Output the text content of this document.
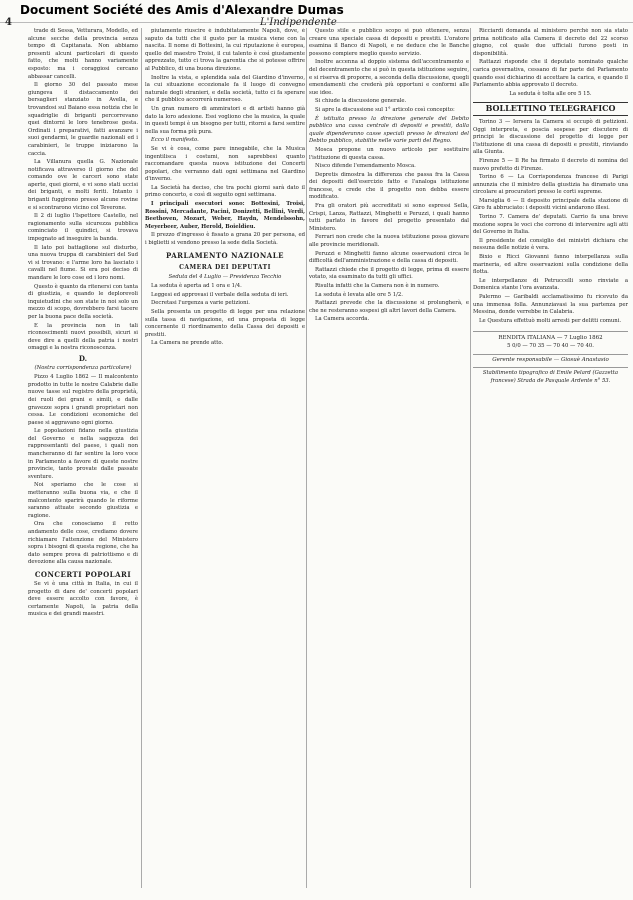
Document Société des Amis d'Alexandre Dumas
4	L'Indipendente

trade di Sessa, Vetturara, Modello, ed alcune secche della provincia senza tempo di Capitanata. Non abbiamo presenti alcuni particolari di questo fatto, che molti hanno variamente esposto: ma i coraggiosi cercano abbassar cancelli.

Il giorno 30 del passato mese giungeva il distaccamento dei bersaglieri stanziato in Avella, e trovandosi sul Baiano essa notizia che le squadriglie di briganti percorrevano quei dintorni le loro tenebrose gesta. Ordinati i preparativi, fatti avanzare i suoi gendarmi, le guardie nazionali ed i carabinieri, le truppe iniziarono la caccia.

La Villanura quella G. Nazionale notificava attraverso il giorno che del comando ove le carceri sono state aperte, quei giorni, e vi sono stati uccisi dei briganti, e molti feriti. Intanto i briganti fuggirono presso alcune rovine e si scontrarono vicino col Teverone.

Il 2 di luglio l'Ispettore Castello, nel ragionamento sulla sicurezza pubblica cominciato il quindici, si trovava impegnato ad inseguire la banda.

Il lato poi battaglione sul disturbo, una nuova truppa di carabinieri del Sud vi si trovano: e l'arme loro ha lasciato i cavalli nel fiume. Si era poi deciso di mandare le loro cose ed i loro nomi.

Questo è quanto da ritenersi con tanta di giustizia, e quando le deplorevoli inquietudini che son state in noi solo un mezzo di scopo, dovrebbero farsi tacere per la buona pace della società.

E la provincia non in tali riconoscimenti nuovi possibili, sicuri si deve dire a quelli della patria i nostri omaggi e la nostra riconoscenza.

D.
(Nostra corrispondenza particolare)

Pizzo 4 Luglio 1862 — Il malcontento prodotto in tutte le nostre Calabrie dalle nuove tasse sul registro della proprietà, dei ruoli dei grani e simili, e dalle gravezze sopra i grandi proprietari non cessa. Le condizioni economiche del paese si aggravano ogni giorno.

Le popolazioni fidano nella giustizia del Governo e nella saggezza dei rappresentanti del paese, i quali non mancheranno di far sentire la loro voce in Parlamento a favore di queste nostre provincie, tanto provate dalle passate sventure.

Noi speriamo che le cose si metteranno sulla buona via, e che il malcontento sparirà quando le riforme saranno attuate secondo giustizia e ragione.

Ora che conosciamo il retto andamento delle cose, crediamo dovere richiamare l'attenzione del Ministero sopra i bisogni di questa regione, che ha dato sempre prova di patriottismo e di devozione alla causa nazionale.

CONCERTI POPOLARI

Se vi è una città in Italia, in cui il progetto di dare de' concerti popolari deve essere accolto con favore, è certamente Napoli, la patria della musica e dei grandi maestri.

piutamente riuscire è indubitatamente Napoli, dove, è saputo da tutti che il gusto per la musica viene con la nascita. Il nome di Bottesini, la cui riputazione è europea, quello del maestro Troisi, il cui talento è così giustamente apprezzato, tutto ci trova la garentia che si potesse offrire al Pubblico, di una buona direzione.

Inoltre la vista, e splendida sala del Giardino d'inverno, la cui situazione eccezionale fa il luogo di convegno naturale degli stranieri, e della società, tutto ci fa sperare che il pubblico accorrerà numeroso.

Un gran numero di ammiratori e di artisti hanno già dato la loro adesione. Essi vogliono che la musica, la quale in questi tempi è un bisogno per tutti, ritorni a farsi sentire nella sua forma più pura.

Ecco il manifesto.

Se vi è cosa, come pare innegabile, che la Musica ingentilisca i costumi, non saprebbesi quanto raccomandare questa nuova istituzione dei Concerti popolari, che verranno dati ogni settimana nel Giardino d'inverno.

La Società ha deciso, che tra pochi giorni sarà dato il primo concerto, e così di seguito ogni settimana.

I principali esecutori sono: Bottesini, Troisi, Rossini, Mercadante, Pacini, Donizetti, Bellini, Verdi, Beethoven, Mozart, Weber, Haydn, Mendelssohn, Meyerbeer, Auber, Herold, Boieldieu.

Il prezzo d'ingresso è fissato a grana 20 per persona, ed i biglietti si vendono presso la sede della Società.

PARLAMENTO NAZIONALE
CAMERA DEI DEPUTATI
Seduta del 4 Luglio — Presidenza Tecchio

La seduta è aperta ad 1 ora e 1/4.

Leggesi ed approvasi il verbale della seduta di ieri.

Decretasi l'urgenza a varie petizioni.

Sella presenta un progetto di legge per una relazione sulla tassa di navigazione, ed una proposta di legge concernente il riordinamento della Cassa dei depositi e prestiti.

La Camera ne prende atto.

Questo stile e pubblico scopo si può ottenere, senza creare una speciale cassa di depositi e prestiti. L'oratore esamina il Banco di Napoli, e ne deduce che le Banche possono compiere meglio questo servizio.

Inoltre accenna al doppio sistema dell'accentramento e del decentramento che si può in questa istituzione seguire, e si riserva di proporre, a seconda della discussione, quegli emendamenti che crederà più opportuni e conformi alle sue idee.

Si chiude la discussione generale.

Si apre la discussione sul 1° articolo così concepito:

È istituita presso la direzione generale del Debito pubblico una cassa centrale di depositi e prestiti, dalla quale dipenderanno casse speciali presso le direzioni del Debito pubblico, stabilite nelle varie parti del Regno.

Mosca propone un nuovo articolo per sostituire l'istituzione di questa cassa.

Nisco difende l'emendamento Mosca.

Depretis dimostra la differenza che passa fra la Cassa dei depositi dell'esercizio fatto e l'analoga istituzione francese, e crede che il progetto non debba essere modificato.

Fra gli oratori più accreditati si sono espressi Sella, Crispi, Lanza, Rattazzi, Minghetti e Peruzzi, i quali hanno tutti parlato in favore del progetto presentato dal Ministero.

Ferrari non crede che la nuova istituzione possa giovare alle provincie meridionali.

Peruzzi e Minghetti fanno alcune osservazioni circa le difficoltà dell'amministrazione e della cassa di depositi.

Rattazzi chiede che il progetto di legge, prima di essere votato, sia esaminato da tutti gli uffici.

Risulta infatti che la Camera non è in numero.

La seduta è levata alle ore 5 1/2.

Rattazzi prevede che la discussione si prolungherà, e che ne resteranno sospesi gli altri lavori della Camera.

La Camera accorda.

Ricciardi domanda al ministero perchè non sia stato prima notificato alla Camera il decreto del 22 scorso giugno, col quale due ufficiali furono posti in disponibilità.

Rattazzi risponde che il deputato nominato qualche carica governativa, cessano di far parte del Parlamento quando essi dichiarino di accettare la carica, e quando il Parlamento abbia approvato il decreto.

La seduta è tolta alle ore 5 15.

BOLLETTINO TELEGRAFICO

Torino 3 — Iersera la Camera si occupò di petizioni. Oggi interpreta, e poscia sospese per discutere di principi le discussione del progetto di legge per l'istituzione di una cassa di depositi e prestiti, rinviando alla Giunta.

Firenze 5 — Il Re ha firmato il decreto di nomina del nuovo prefetto di Firenze.

Torino 6 — La Corrispondenza francese di Parigi annunzia che il ministro della giustizia ha diramato una circolare ai procuratori presso le corti supreme.

Marsiglia 6 — Il deposito principale della stazione di Giro fu abbruciato: i depositi vicini andarono illesi.

Torino 7. Camera de' deputati. Carrio fa una breve mozione sopra le voci che corrono di intervenire agli atti del Governo in Italia.

Il presidente del consiglio dei ministri dichiara che nessuna delle notizie è vera.

Bixio e Ricci Giovanni fanno interpellanza sulla marineria, ed altre osservazioni sulla condizione della flotta.

Le interpellanze di Petruccelli sono rinviate a Domenica stante l'ora avanzata.

Palermo — Garibaldi acclamatissimo fu ricevuto da una immensa folla. Annunziavasi la sua partenza per Messina, donde verrebbe in Calabria.

Le Questura effettuò molti arresti per delitti comuni.

RENDITA ITALIANA — 7 Luglio 1862
5 0/0 — 70 35 — 70 40 — 70 40.
Gerente responsabile — Giosuè Anastasio
Stabilimento tipografico di Emile Pelard (Gazzetta francese) Strada de Pasquale Ardente n° 53.
